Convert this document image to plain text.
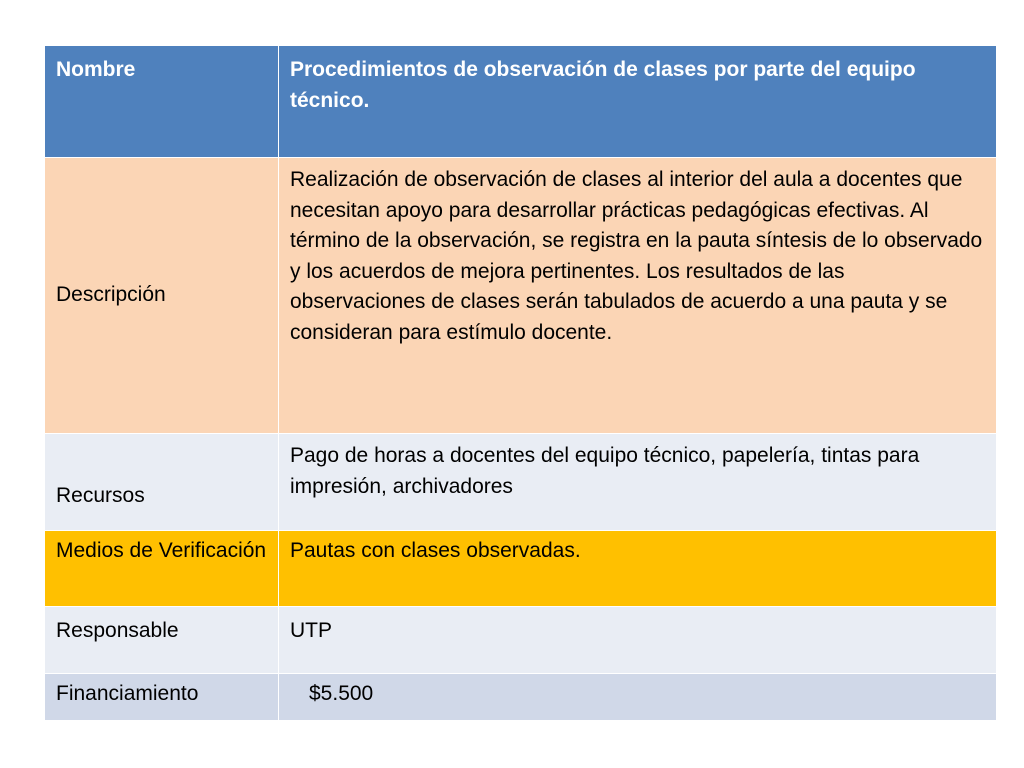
Nombre	Procedimientos de observación de clases por parte del equipo técnico.
Descripción	Realización de observación de clases al interior del aula a docentes que necesitan apoyo para desarrollar prácticas pedagógicas efectivas. Al término de la observación, se registra en la pauta síntesis de lo observado y los acuerdos de mejora pertinentes. Los resultados de las observaciones de clases serán tabulados de acuerdo a una pauta y se consideran para estímulo docente.
Recursos	Pago de horas a docentes del equipo técnico, papelería, tintas para impresión, archivadores
Medios de Verificación	Pautas con clases observadas.
Responsable	UTP
Financiamiento	$5.500
